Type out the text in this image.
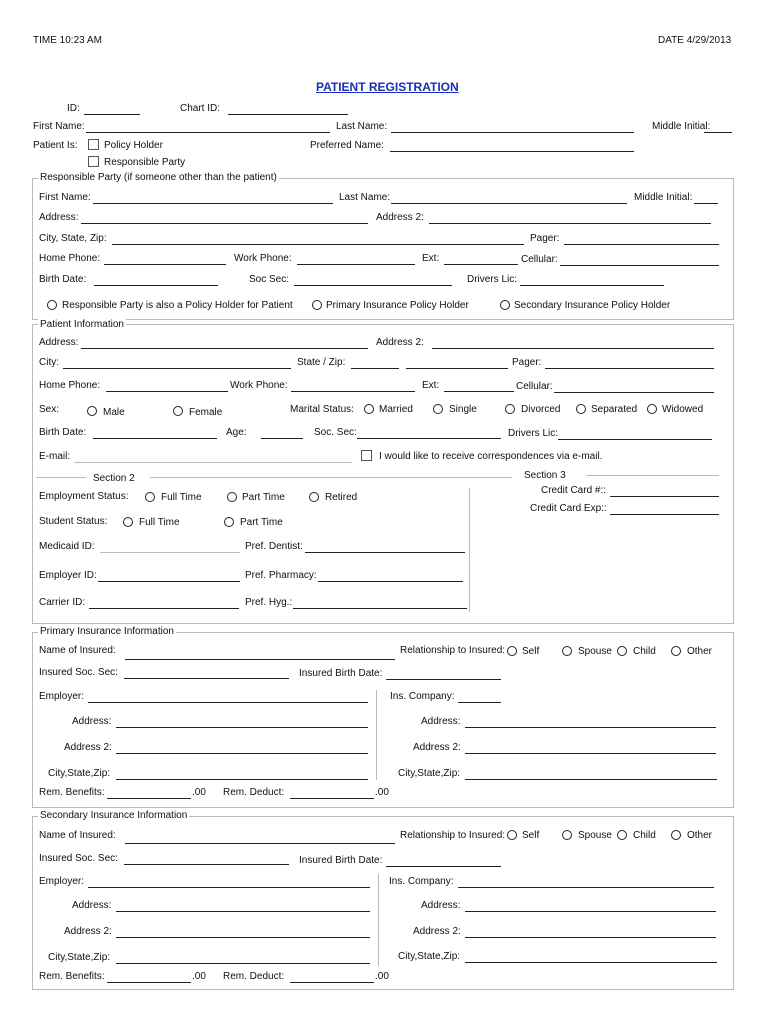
TIME 10:23 AM	DATE 4/29/2013
PATIENT REGISTRATION
ID:	Chart ID:
First Name:	Last Name:	Middle Initial:
Patient Is:	Policy Holder
Responsible Party
Preferred Name:
Responsible Party (if someone other than the patient)
First Name:	Last Name:	Middle Initial:
Address:	Address 2:
City, State, Zip:	Pager:
Home Phone:	Work Phone:	Ext:	Cellular:
Birth Date:	Soc Sec:	Drivers Lic:
Responsible Party is also a Policy Holder for Patient	Primary Insurance Policy Holder	Secondary Insurance Policy Holder
Patient Information
Address:	Address 2:
City:	State / Zip:	Pager:
Home Phone:	Work Phone:	Ext:	Cellular:
Sex:	Male	Female	Marital Status:	Married	Single	Divorced	Separated Widowed
Birth Date:	Age:	Soc. Sec:	Drivers Lic:
E-mail:	I would like to receive correspondences via e-mail.
Section 2
Employment Status:	Full Time	Part Time	Retired
Student Status:	Full Time	Part Time
Medicaid ID:	Pref. Dentist:
Employer ID:	Pref. Pharmacy:
Carrier ID:	Pref. Hyg.:
Section 3
Credit Card #::
Credit Card Exp::
Primary Insurance Information
Name of Insured:	Relationship to Insured: Self	Spouse Child	Other
Insured Soc. Sec:	Insured Birth Date:
Employer:	Ins. Company:
Address:	Address:
Address 2:	Address 2:
City,State,Zip:	City,State,Zip:
Rem. Benefits:	.00 Rem. Deduct:	.00
Secondary Insurance Information
Name of Insured:	Relationship to Insured: Self	Spouse Child	Other
Insured Soc. Sec:	Insured Birth Date:
Employer:	Ins. Company:
Address:	Address:
Address 2:	Address 2:
City,State,Zip:	City,State,Zip:
Rem. Benefits:	.00 Rem. Deduct:	.00
